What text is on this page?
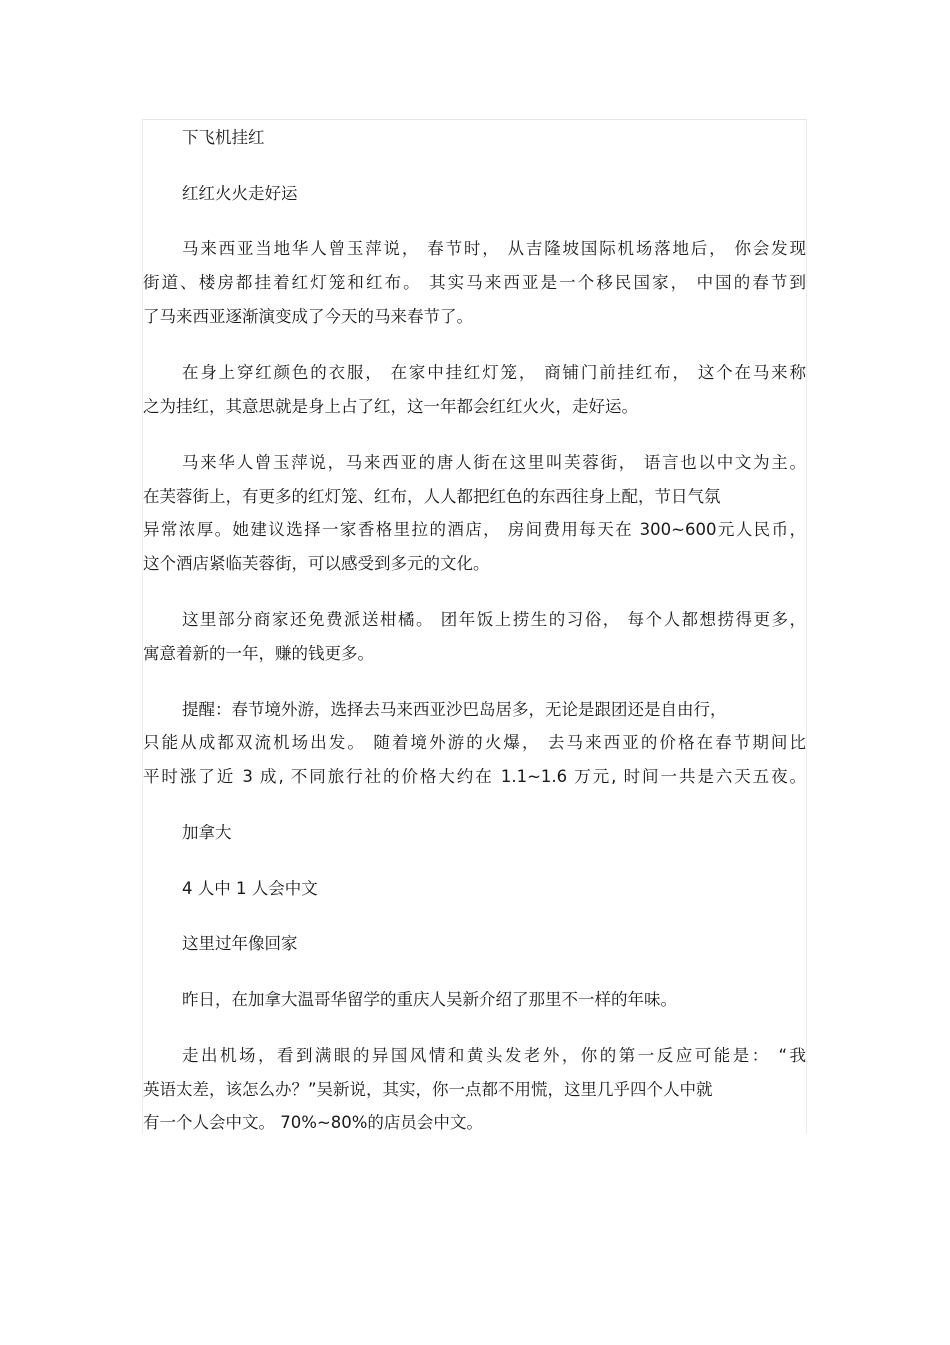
下飞机挂红

红红火火走好运

马来西亚当地华人曾玉萍说， 春节时， 从吉隆坡国际机场落地后， 你会发现

街道、楼房都挂着红灯笼和红布。 其实马来西亚是一个移民国家， 中国的春节到

了马来西亚逐渐演变成了今天的马来春节了。

在身上穿红颜色的衣服， 在家中挂红灯笼， 商铺门前挂红布， 这个在马来称

之为挂红，其意思就是身上占了红，这一年都会红红火火，走好运。

马来华人曾玉萍说，马来西亚的唐人街在这里叫芙蓉街， 语言也以中文为主。

在芙蓉街上，有更多的红灯笼、红布，人人都把红色的东西往身上配，节日气氛

异常浓厚。她建议选择一家香格里拉的酒店， 房间费用每天在 300~600元人民币，

这个酒店紧临芙蓉街，可以感受到多元的文化。

这里部分商家还免费派送柑橘。 团年饭上捞生的习俗， 每个人都想捞得更多，

寓意着新的一年，赚的钱更多。

提醒：春节境外游，选择去马来西亚沙巴岛居多，无论是跟团还是自由行，

只能从成都双流机场出发。 随着境外游的火爆， 去马来西亚的价格在春节期间比

平时涨了近 3 成, 不同旅行社的价格大约在 1.1~1.6 万元, 时间一共是六天五夜。

加拿大

4 人中 1 人会中文

这里过年像回家

昨日，在加拿大温哥华留学的重庆人吴新介绍了那里不一样的年味。

走出机场，看到满眼的异国风情和黄头发老外，你的第一反应可能是： “我

英语太差，该怎么办？”吴新说，其实，你一点都不用慌，这里几乎四个人中就

有一个人会中文。 70%~80%的店员会中文。
